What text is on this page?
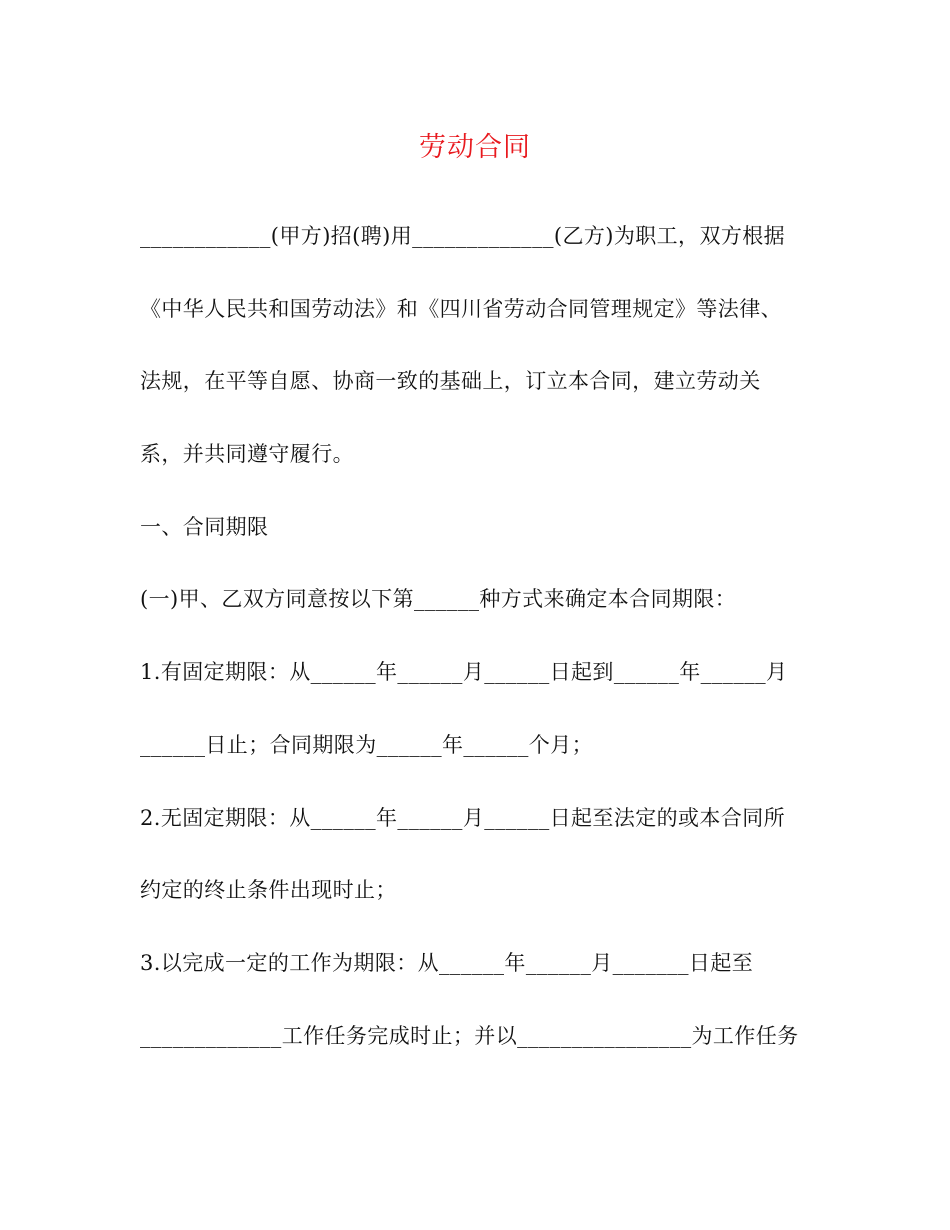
劳动合同
____________(甲方)招(聘)用_____________(乙方)为职工，双方根据
《中华人民共和国劳动法》和《四川省劳动合同管理规定》等法律、
法规，在平等自愿、协商一致的基础上，订立本合同，建立劳动关
系，并共同遵守履行。
一、合同期限
(一)甲、乙双方同意按以下第______种方式来确定本合同期限：
1.有固定期限：从______年______月______日起到______年______月
______日止；合同期限为______年______个月；
2.无固定期限：从______年______月______日起至法定的或本合同所
约定的终止条件出现时止；
3.以完成一定的工作为期限：从______年______月_______日起至
_____________工作任务完成时止；并以________________为工作任务
